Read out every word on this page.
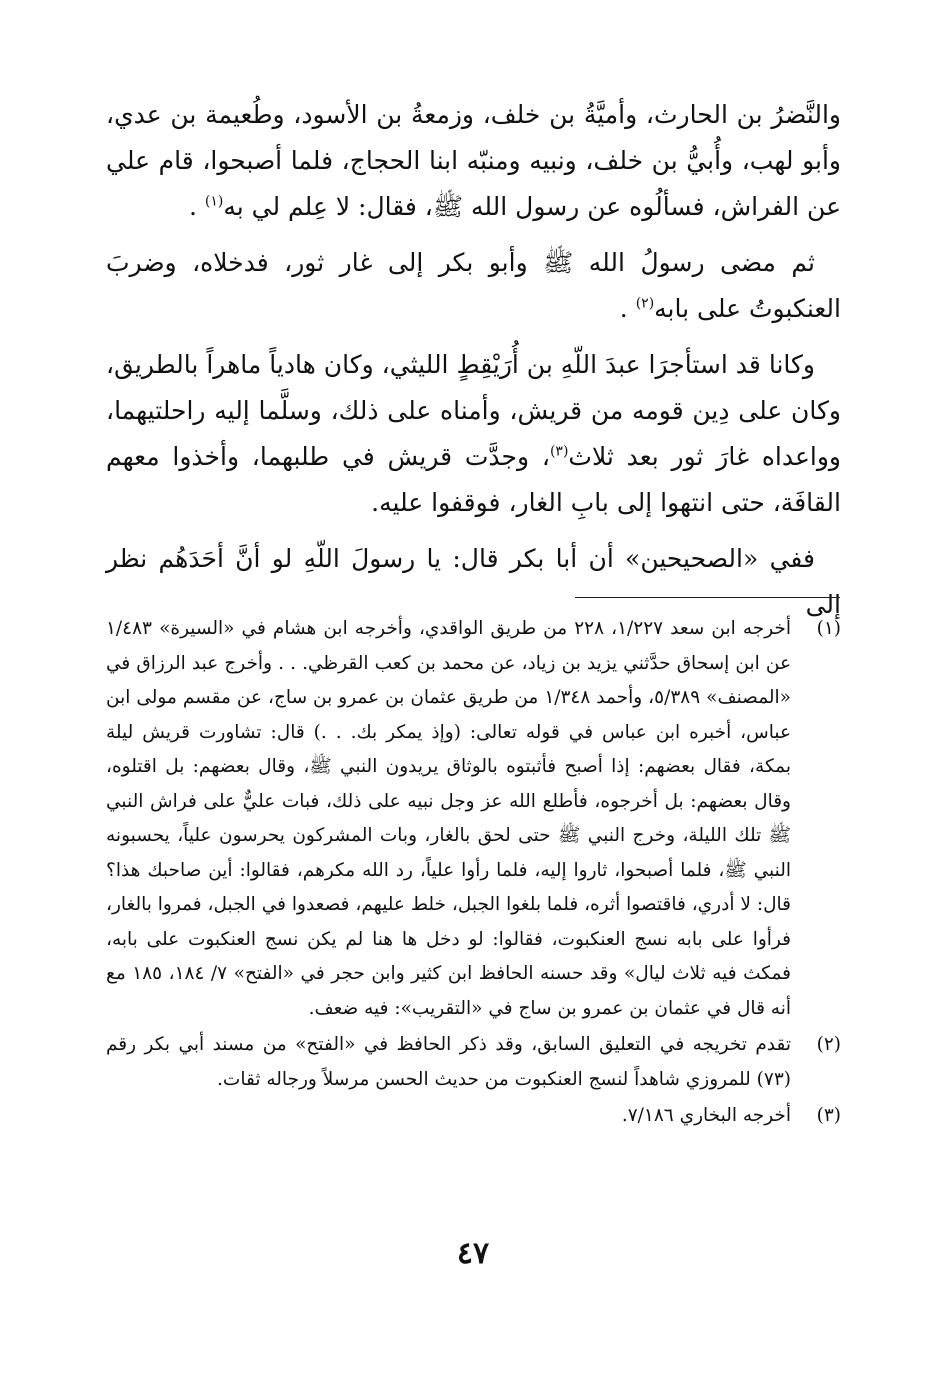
والنَّضرُ بن الحارث، وأميَّةُ بن خلف، وزمعةُ بن الأسود، وطُعيمة بن عدي، وأبو لهب، وأُبيُّ بن خلف، ونبيه ومنبّه ابنا الحجاج، فلما أصبحوا، قام علي عن الفراش، فسألُوه عن رسول الله ﷺ، فقال: لا عِلم لي به$^{(١)}$ .

ثم مضى رسولُ الله ﷺ وأبو بكر إلى غار ثور، فدخلاه، وضربَ العنكبوتُ على بابه$^{(٢)}$ .

وكانا قد استأجرَا عبدَ اللّهِ بن أُرَيْقِطٍ الليثي، وكان هادياً ماهراً بالطريق، وكان على دِين قومه من قريش، وأمناه على ذلك، وسلَّما إليه راحلتيهما، وواعداه غارَ ثور بعد ثلاث$^{(٣)}$، وجدَّت قريش في طلبهما، وأخذوا معهم القافَة، حتى انتهوا إلى بابِ الغار، فوقفوا عليه.

ففي «الصحيحين» أن أبا بكر قال: يا رسولَ اللّهِ لو أنَّ أحَدَهُم نظر إلى

(١)
أخرجه ابن سعد ١/٢٢٧، ٢٢٨ من طريق الواقدي، وأخرجه ابن هشام في «السيرة» ١/٤٨٣ عن ابن إسحاق حدَّثني يزيد بن زياد، عن محمد بن كعب القرظي. . . وأخرج عبد الرزاق في «المصنف» ٥/٣٨٩، وأحمد ١/٣٤٨ من طريق عثمان بن عمرو بن ساج، عن مقسم مولى ابن عباس، أخبره ابن عباس في قوله تعالى: (وإذ يمكر بك. . .) قال: تشاورت قريش ليلة بمكة، فقال بعضهم: إذا أصبح فأثبتوه بالوثاق يريدون النبي ﷺ، وقال بعضهم: بل اقتلوه، وقال بعضهم: بل أخرجوه، فأطلع الله عز وجل نبيه على ذلك، فبات عليٌّ على فراش النبي ﷺ تلك الليلة، وخرج النبي ﷺ حتى لحق بالغار، وبات المشركون يحرسون علياً، يحسبونه النبي ﷺ، فلما أصبحوا، ثاروا إليه، فلما رأوا علياً، رد الله مكرهم، فقالوا: أين صاحبك هذا؟ قال: لا أدري، فاقتصوا أثره، فلما بلغوا الجبل، خلط عليهم، فصعدوا في الجبل، فمروا بالغار، فرأوا على بابه نسج العنكبوت، فقالوا: لو دخل ها هنا لم يكن نسج العنكبوت على بابه، فمكث فيه ثلاث ليال» وقد حسنه الحافظ ابن كثير وابن حجر في «الفتح» ٧/ ١٨٤، ١٨٥ مع أنه قال في عثمان بن عمرو بن ساج في «التقريب»: فيه ضعف.
(٢)
تقدم تخريجه في التعليق السابق، وقد ذكر الحافظ في «الفتح» من مسند أبي بكر رقم (٧٣) للمروزي شاهداً لنسج العنكبوت من حديث الحسن مرسلاً ورجاله ثقات.
(٣)
أخرجه البخاري ٧/١٨٦.
٤٧
